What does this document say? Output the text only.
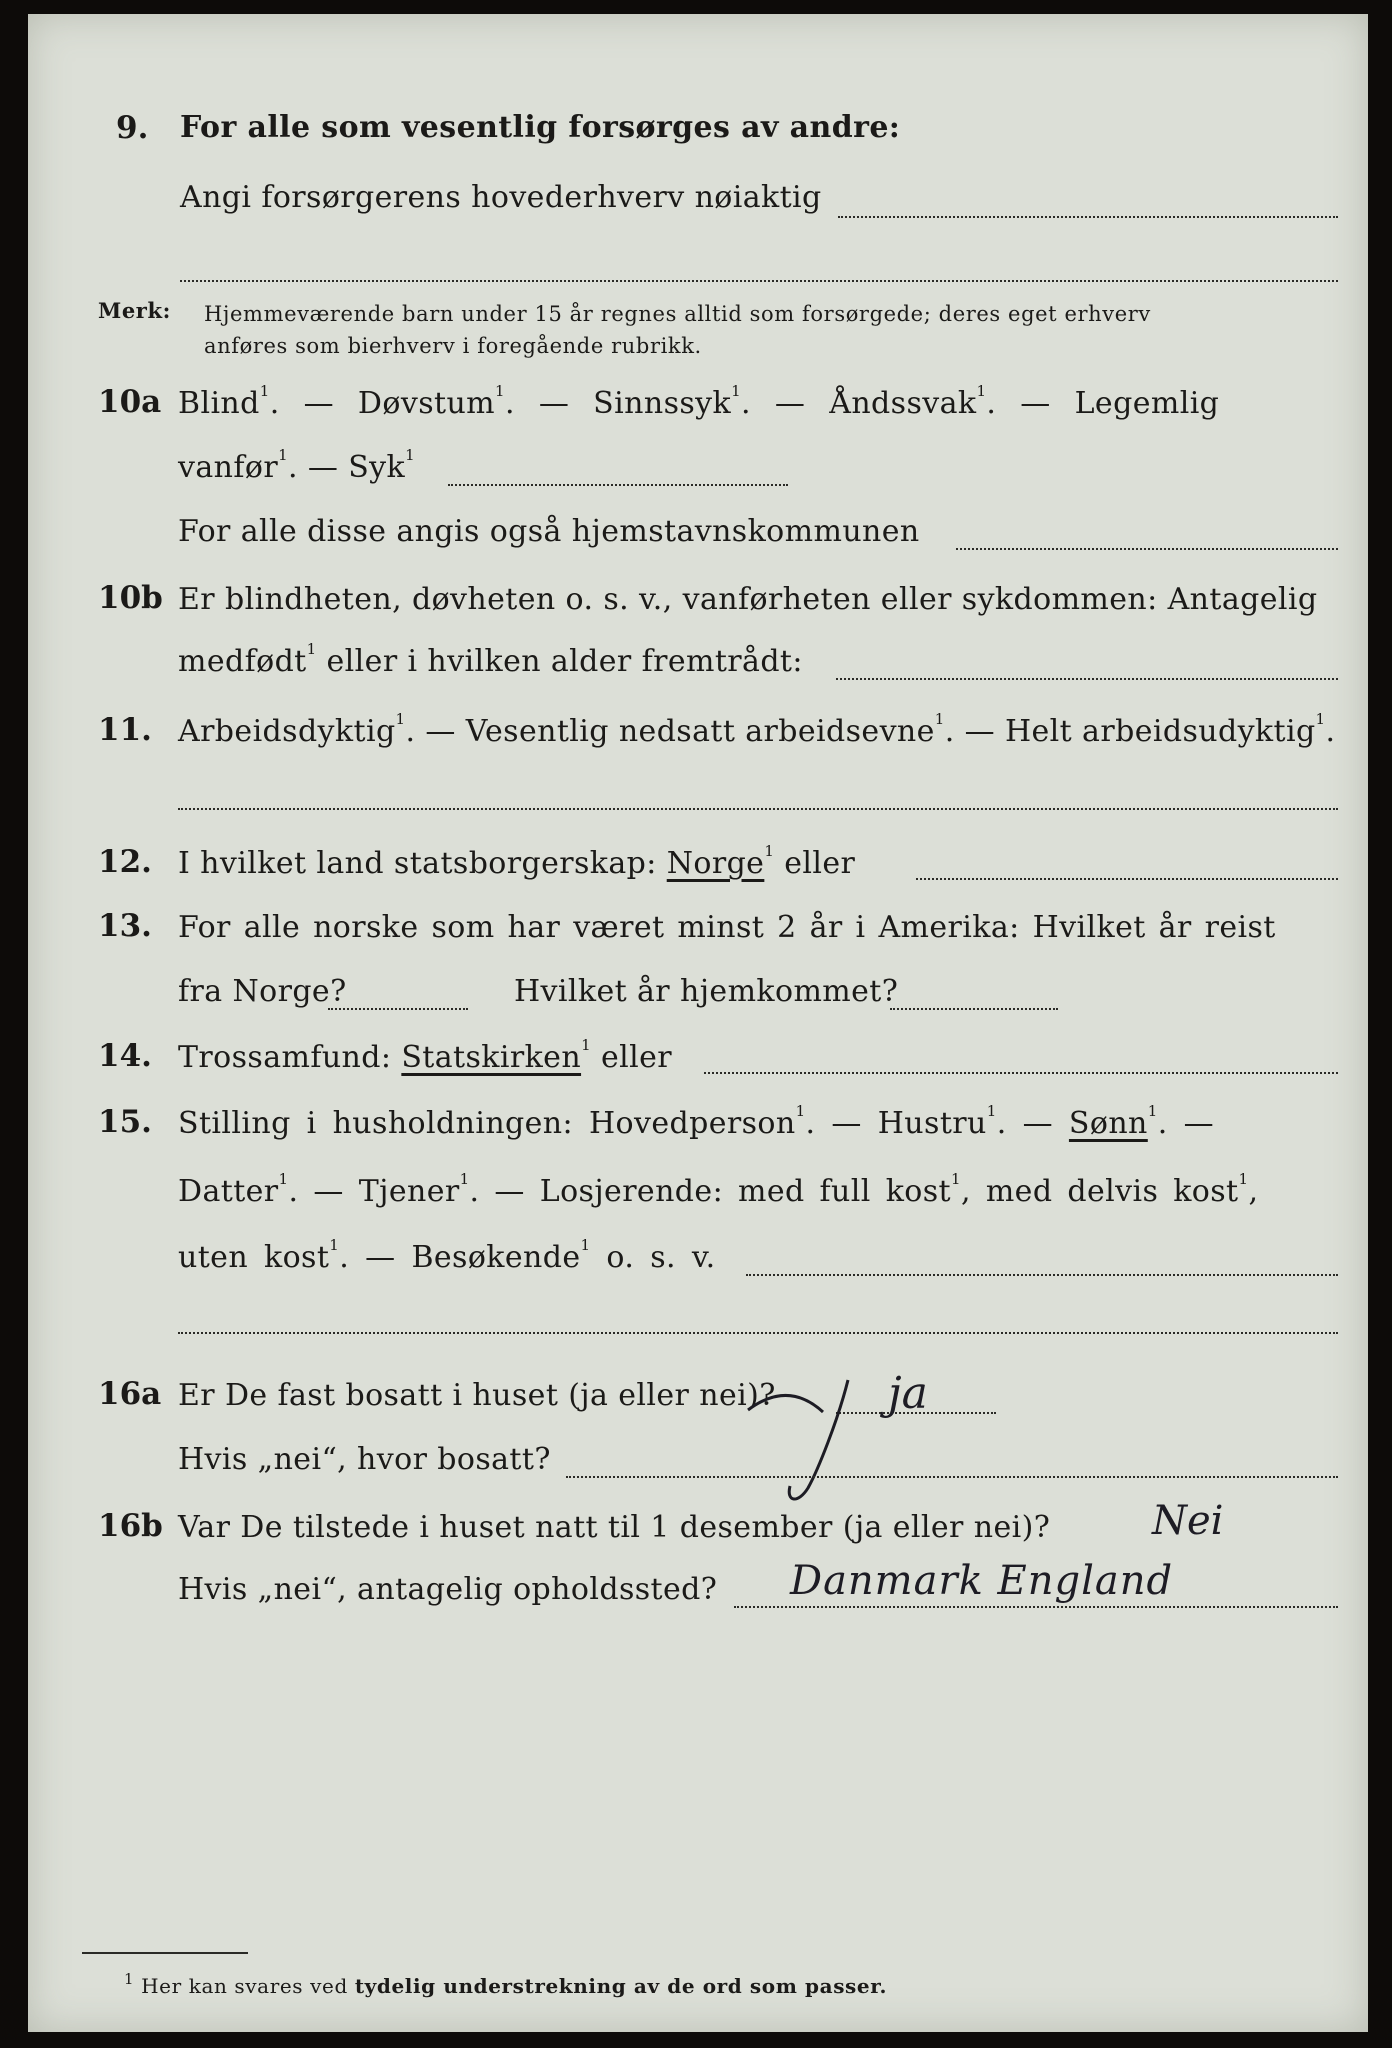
9. For alle som vesentlig forsørges av andre:
Angi forsørgerens hovederhverv nøiaktig
Merk: Hjemmeværende barn under 15 år regnes alltid som forsørgede; deres eget erhverv
anføres som bierhverv i foregående rubrikk.
10a Blind$^1$. — Døvstum$^1$. — Sinnssyk$^1$. — Åndssvak$^1$. — Legemlig
vanfør$^1$. — Syk$^1$
For alle disse angis også hjemstavnskommunen
10b Er blindheten, døvheten o. s. v., vanførheten eller sykdommen: Antagelig
medfødt$^1$ eller i hvilken alder fremtrådt:
11. Arbeidsdyktig$^1$. — Vesentlig nedsatt arbeidsevne$^1$. — Helt arbeidsudyktig$^1$.
12. I hvilket land statsborgerskap: Norge$^1$ eller
13. For alle norske som har været minst 2 år i Amerika: Hvilket år reist
fra Norge?	Hvilket år hjemkommet?
14. Trossamfund: Statskirken$^1$ eller
15. Stilling i husholdningen: Hovedperson$^1$. — Hustru$^1$. — Sønn$^1$. —
Datter$^1$. — Tjener$^1$. — Losjerende: med full kost$^1$, med delvis kost$^1$,
uten kost$^1$. — Besøkende$^1$ o. s. v.
16a Er De fast bosatt i huset (ja eller nei)?	ja
Hvis „nei“, hvor bosatt?
16b Var De tilstede i huset natt til 1 desember (ja eller nei)?	Nei
Hvis „nei“, antagelig opholdssted? Danmark England
$^1$ Her kan svares ved tydelig understrekning av de ord som passer.
